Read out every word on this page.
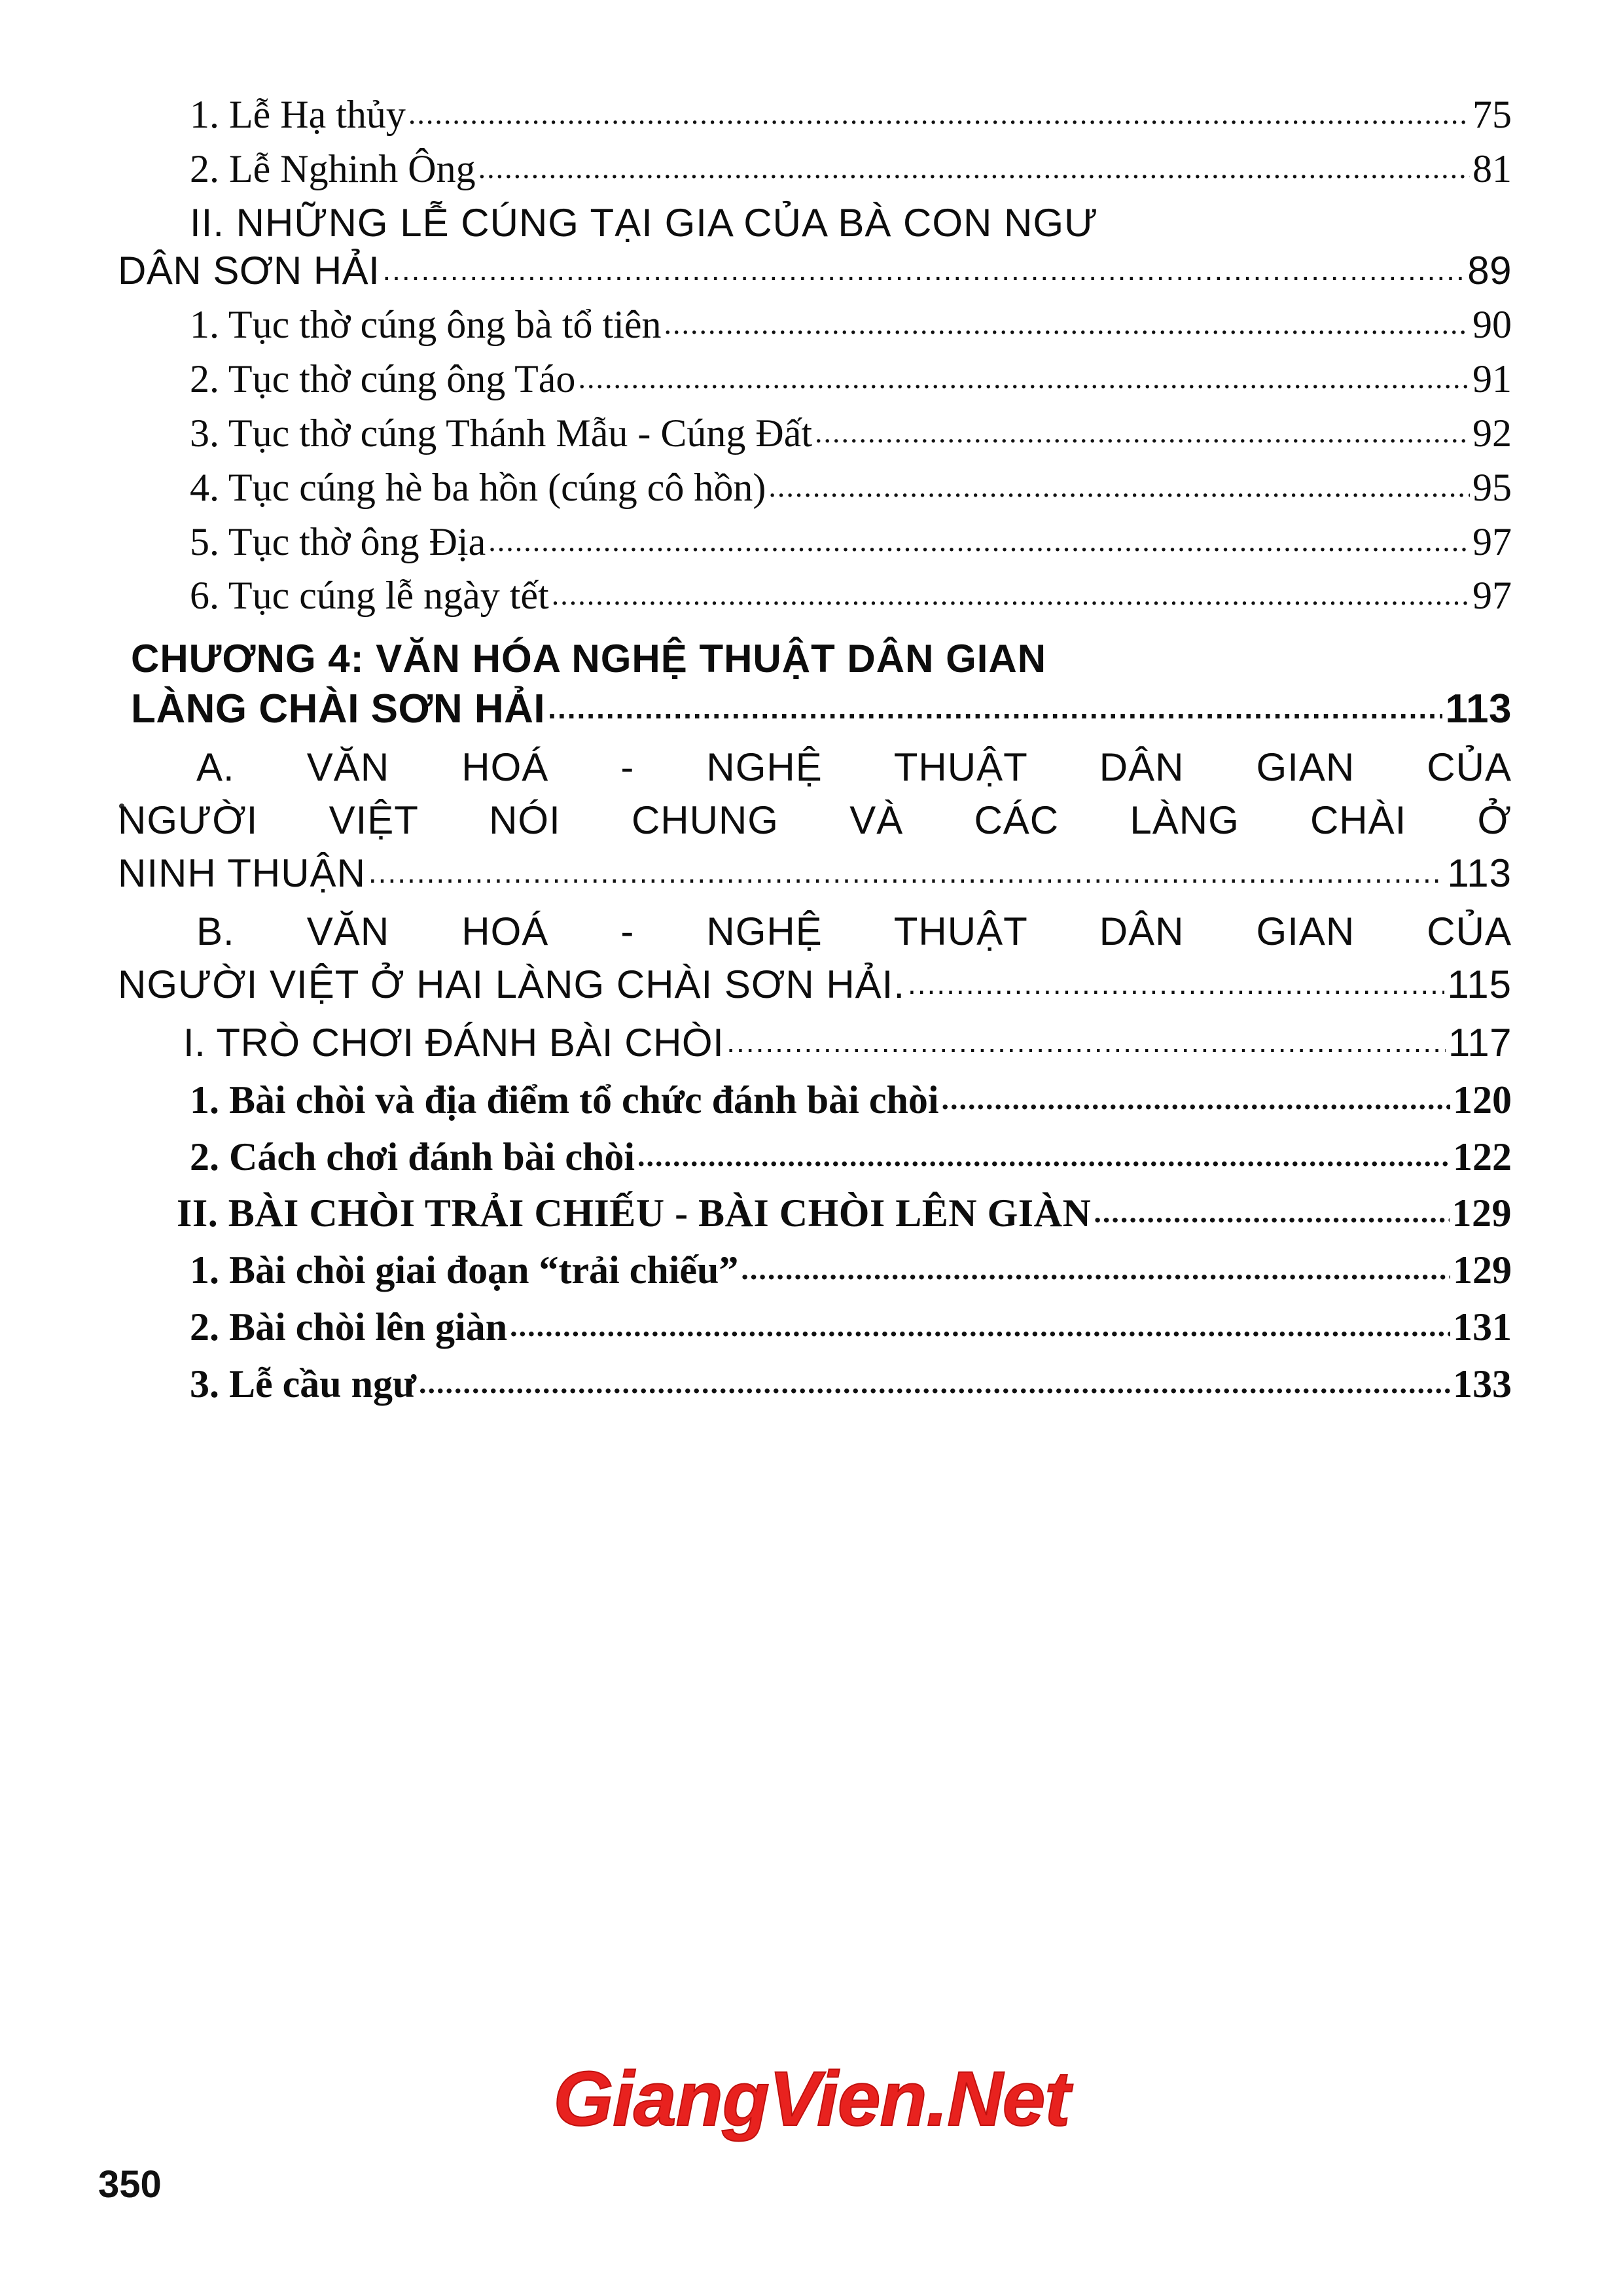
1. Lễ Hạ thủy .....	75
2. Lễ Nghinh Ông .....	81
II. NHỮNG LỄ CÚNG TẠI GIA CỦA BÀ CON NGƯ
DÂN SƠN HẢI .....	89
1. Tục thờ cúng ông bà tổ tiên .....	90
2. Tục thờ cúng ông Táo .....	91
3. Tục thờ cúng Thánh Mẫu - Cúng Đất .....	92
4. Tục cúng hè ba hồn (cúng cô hồn) .....	95
5. Tục thờ ông Địa .....	97
6. Tục cúng lễ ngày tết .....	97
CHƯƠNG 4: VĂN HÓA NGHỆ THUẬT DÂN GIAN
LÀNG CHÀI SƠN HẢI .....	113
A. VĂN HOÁ - NGHỆ THUẬT DÂN GIAN CỦA
NGƯỜI VIỆT NÓI CHUNG VÀ CÁC LÀNG CHÀI Ở
NINH THUẬN .....	113
B. VĂN HOÁ - NGHỆ THUẬT DÂN GIAN CỦA
NGƯỜI VIỆT Ở HAI LÀNG CHÀI SƠN HẢI. .....	115
I. TRÒ CHƠI ĐÁNH BÀI CHÒI .....	117
1. Bài chòi và địa điểm tổ chức đánh bài chòi .....	120
2. Cách chơi đánh bài chòi .....	122
II. BÀI CHÒI TRẢI CHIẾU - BÀI CHÒI LÊN GIÀN .....	129
1. Bài chòi giai đoạn “trải chiếu” .....	129
2. Bài chòi lên giàn .....	131
3. Lễ cầu ngư .....	133
GiangVien.Net
350
